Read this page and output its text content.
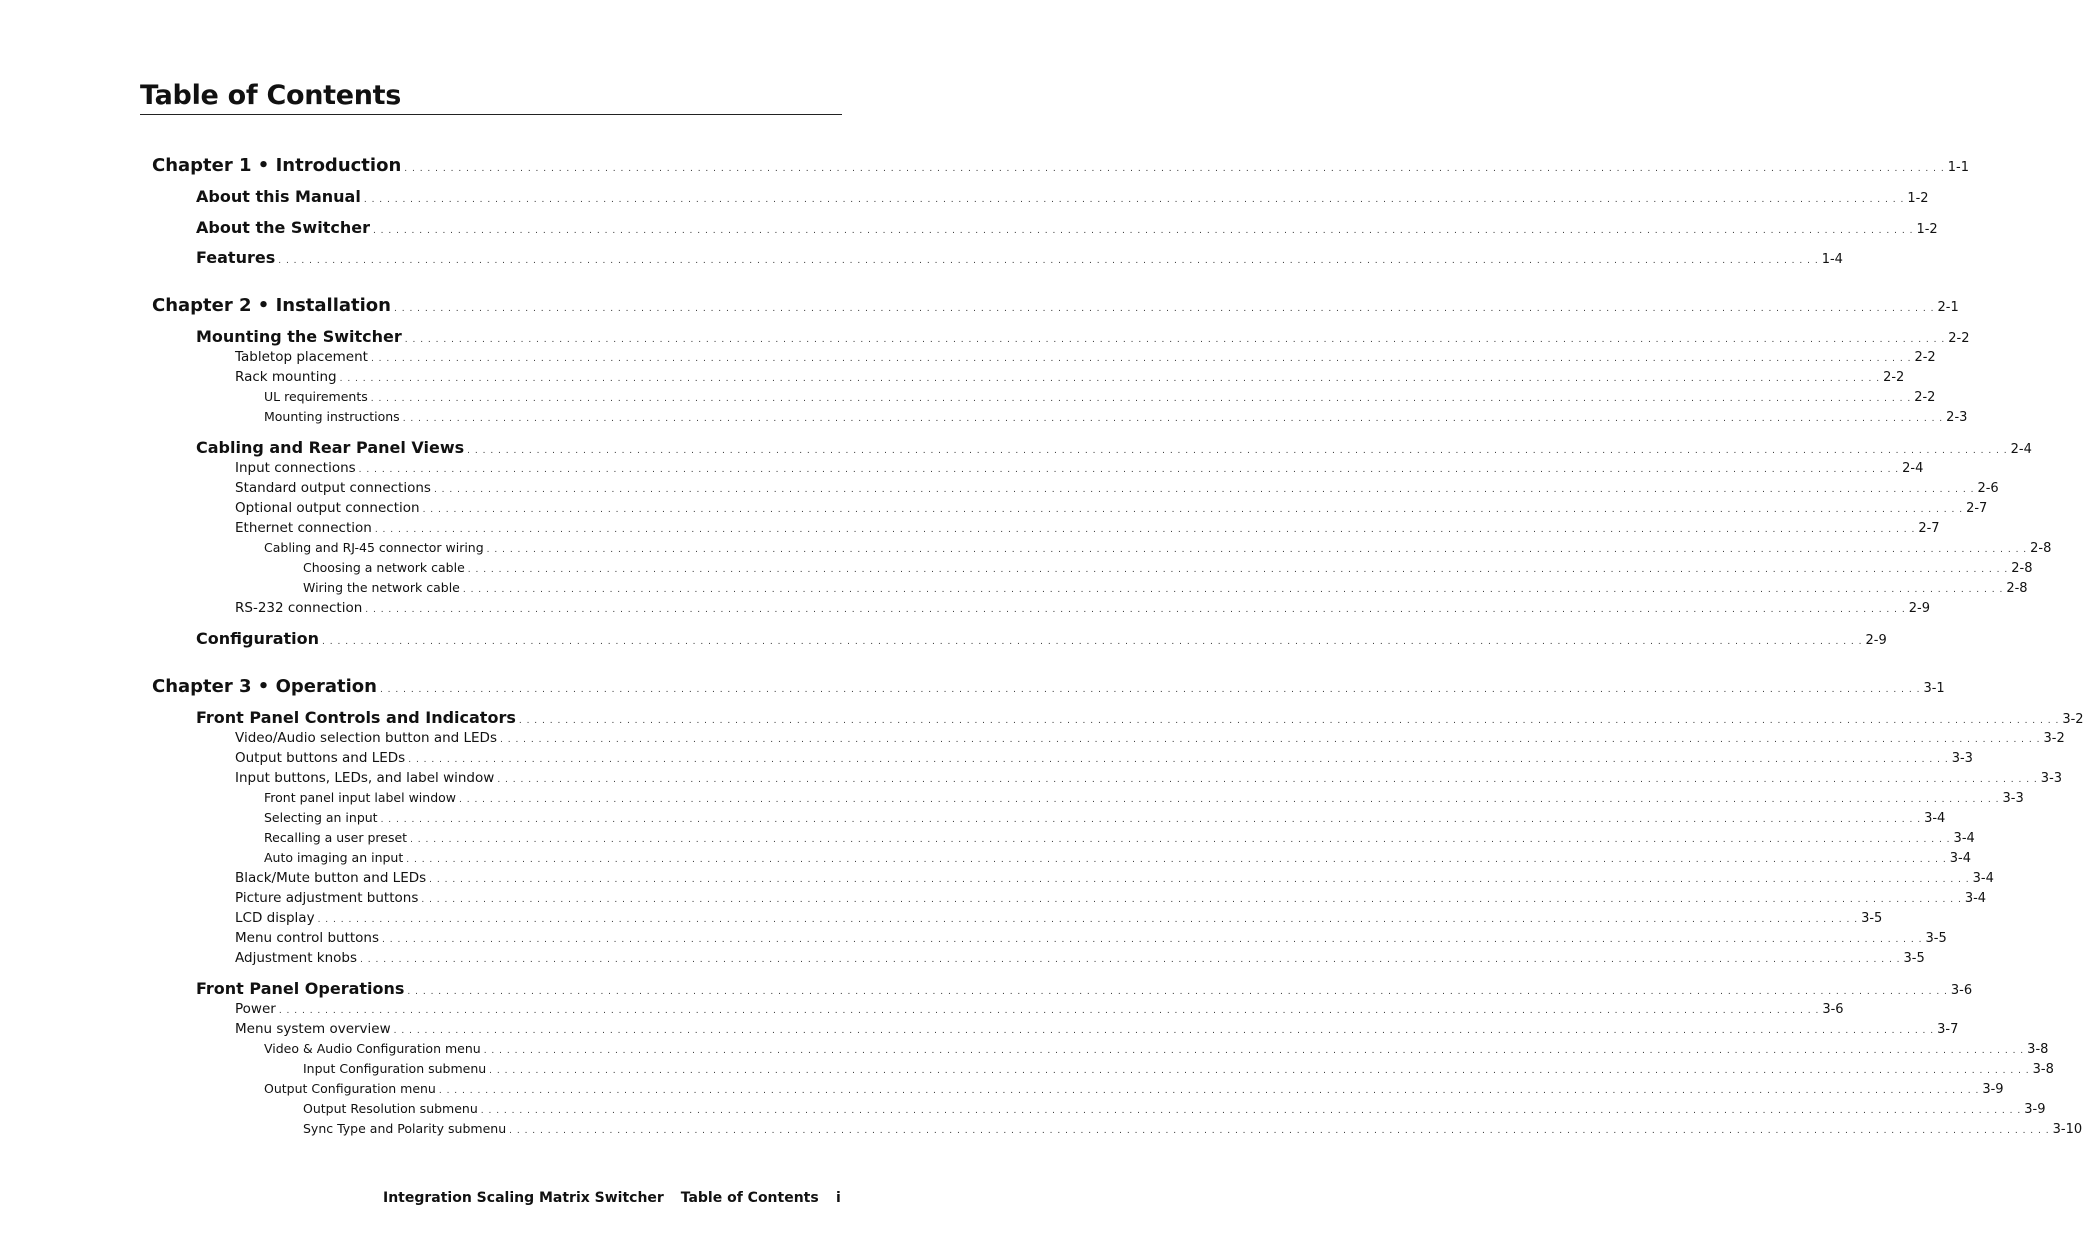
Table of Contents
Chapter 1 • Introduction . . . . . . . . . . . . . . . . . . . . . . . . . . . . . . . . . . . . . . . . . . . . . . . . . . . . . . . . . . . . . . . . . . . . . . . . . . . . . . . . . . . . . . . . . . . . . . . . . . . . . . . . . . . . . . . . . . . . . . . . . . . . . . . . . . . . . . . . . . . . . . . . . . . . . . . . . . . . . . . . . . . . . . . . . . . . . . . . . . . . . . . . . . . . . . . . . . . . . . . . 1-1
About this Manual . . . . . . . . . . . . . . . . . . . . . . . . . . . . . . . . . . . . . . . . . . . . . . . . . . . . . . . . . . . . . . . . . . . . . . . . . . . . . . . . . . . . . . . . . . . . . . . . . . . . . . . . . . . . . . . . . . . . . . . . . . . . . . . . . . . . . . . . . . . . . . . . . . . . . . . . . . . . . . . . . . . . . . . . . . . . . . . . . . . . . . . . . . . . . . . . . . . . . . . . 1-2
About the Switcher . . . . . . . . . . . . . . . . . . . . . . . . . . . . . . . . . . . . . . . . . . . . . . . . . . . . . . . . . . . . . . . . . . . . . . . . . . . . . . . . . . . . . . . . . . . . . . . . . . . . . . . . . . . . . . . . . . . . . . . . . . . . . . . . . . . . . . . . . . . . . . . . . . . . . . . . . . . . . . . . . . . . . . . . . . . . . . . . . . . . . . . . . . . . . . . . . . . . . . . . 1-2
Features . . . . . . . . . . . . . . . . . . . . . . . . . . . . . . . . . . . . . . . . . . . . . . . . . . . . . . . . . . . . . . . . . . . . . . . . . . . . . . . . . . . . . . . . . . . . . . . . . . . . . . . . . . . . . . . . . . . . . . . . . . . . . . . . . . . . . . . . . . . . . . . . . . . . . . . . . . . . . . . . . . . . . . . . . . . . . . . . . . . . . . . . . . . . . . . . . . . . . . . . 1-4
Chapter 2 • Installation . . . . . . . . . . . . . . . . . . . . . . . . . . . . . . . . . . . . . . . . . . . . . . . . . . . . . . . . . . . . . . . . . . . . . . . . . . . . . . . . . . . . . . . . . . . . . . . . . . . . . . . . . . . . . . . . . . . . . . . . . . . . . . . . . . . . . . . . . . . . . . . . . . . . . . . . . . . . . . . . . . . . . . . . . . . . . . . . . . . . . . . . . . . . . . . . . . . . . . . . 2-1
Mounting the Switcher . . . . . . . . . . . . . . . . . . . . . . . . . . . . . . . . . . . . . . . . . . . . . . . . . . . . . . . . . . . . . . . . . . . . . . . . . . . . . . . . . . . . . . . . . . . . . . . . . . . . . . . . . . . . . . . . . . . . . . . . . . . . . . . . . . . . . . . . . . . . . . . . . . . . . . . . . . . . . . . . . . . . . . . . . . . . . . . . . . . . . . . . . . . . . . . . . . . . . . . . 2-2
Tabletop placement . . . . . . . . . . . . . . . . . . . . . . . . . . . . . . . . . . . . . . . . . . . . . . . . . . . . . . . . . . . . . . . . . . . . . . . . . . . . . . . . . . . . . . . . . . . . . . . . . . . . . . . . . . . . . . . . . . . . . . . . . . . . . . . . . . . . . . . . . . . . . . . . . . . . . . . . . . . . . . . . . . . . . . . . . . . . . . . . . . . . . . . . . . . . . . . . . . . . . . . . 2-2
Rack mounting . . . . . . . . . . . . . . . . . . . . . . . . . . . . . . . . . . . . . . . . . . . . . . . . . . . . . . . . . . . . . . . . . . . . . . . . . . . . . . . . . . . . . . . . . . . . . . . . . . . . . . . . . . . . . . . . . . . . . . . . . . . . . . . . . . . . . . . . . . . . . . . . . . . . . . . . . . . . . . . . . . . . . . . . . . . . . . . . . . . . . . . . . . . . . . . . . . . . . . . . 2-2
UL requirements . . . . . . . . . . . . . . . . . . . . . . . . . . . . . . . . . . . . . . . . . . . . . . . . . . . . . . . . . . . . . . . . . . . . . . . . . . . . . . . . . . . . . . . . . . . . . . . . . . . . . . . . . . . . . . . . . . . . . . . . . . . . . . . . . . . . . . . . . . . . . . . . . . . . . . . . . . . . . . . . . . . . . . . . . . . . . . . . . . . . . . . . . . . . . . . . . . . . . . . . 2-2
Mounting instructions . . . . . . . . . . . . . . . . . . . . . . . . . . . . . . . . . . . . . . . . . . . . . . . . . . . . . . . . . . . . . . . . . . . . . . . . . . . . . . . . . . . . . . . . . . . . . . . . . . . . . . . . . . . . . . . . . . . . . . . . . . . . . . . . . . . . . . . . . . . . . . . . . . . . . . . . . . . . . . . . . . . . . . . . . . . . . . . . . . . . . . . . . . . . . . . . . . . . . . . . 2-3
Cabling and Rear Panel Views . . . . . . . . . . . . . . . . . . . . . . . . . . . . . . . . . . . . . . . . . . . . . . . . . . . . . . . . . . . . . . . . . . . . . . . . . . . . . . . . . . . . . . . . . . . . . . . . . . . . . . . . . . . . . . . . . . . . . . . . . . . . . . . . . . . . . . . . . . . . . . . . . . . . . . . . . . . . . . . . . . . . . . . . . . . . . . . . . . . . . . . . . . . . . . . . . . . . . . . . 2-4
Input connections . . . . . . . . . . . . . . . . . . . . . . . . . . . . . . . . . . . . . . . . . . . . . . . . . . . . . . . . . . . . . . . . . . . . . . . . . . . . . . . . . . . . . . . . . . . . . . . . . . . . . . . . . . . . . . . . . . . . . . . . . . . . . . . . . . . . . . . . . . . . . . . . . . . . . . . . . . . . . . . . . . . . . . . . . . . . . . . . . . . . . . . . . . . . . . . . . . . . . . . . 2-4
Standard output connections . . . . . . . . . . . . . . . . . . . . . . . . . . . . . . . . . . . . . . . . . . . . . . . . . . . . . . . . . . . . . . . . . . . . . . . . . . . . . . . . . . . . . . . . . . . . . . . . . . . . . . . . . . . . . . . . . . . . . . . . . . . . . . . . . . . . . . . . . . . . . . . . . . . . . . . . . . . . . . . . . . . . . . . . . . . . . . . . . . . . . . . . . . . . . . . . . . . . . . . . 2-6
Optional output connection . . . . . . . . . . . . . . . . . . . . . . . . . . . . . . . . . . . . . . . . . . . . . . . . . . . . . . . . . . . . . . . . . . . . . . . . . . . . . . . . . . . . . . . . . . . . . . . . . . . . . . . . . . . . . . . . . . . . . . . . . . . . . . . . . . . . . . . . . . . . . . . . . . . . . . . . . . . . . . . . . . . . . . . . . . . . . . . . . . . . . . . . . . . . . . . . . . . . . . . . 2-7
Ethernet connection . . . . . . . . . . . . . . . . . . . . . . . . . . . . . . . . . . . . . . . . . . . . . . . . . . . . . . . . . . . . . . . . . . . . . . . . . . . . . . . . . . . . . . . . . . . . . . . . . . . . . . . . . . . . . . . . . . . . . . . . . . . . . . . . . . . . . . . . . . . . . . . . . . . . . . . . . . . . . . . . . . . . . . . . . . . . . . . . . . . . . . . . . . . . . . . . . . . . . . . . 2-7
Cabling and RJ-45 connector wiring . . . . . . . . . . . . . . . . . . . . . . . . . . . . . . . . . . . . . . . . . . . . . . . . . . . . . . . . . . . . . . . . . . . . . . . . . . . . . . . . . . . . . . . . . . . . . . . . . . . . . . . . . . . . . . . . . . . . . . . . . . . . . . . . . . . . . . . . . . . . . . . . . . . . . . . . . . . . . . . . . . . . . . . . . . . . . . . . . . . . . . . . . . . . . . . . . . . . . . . . 2-8
Choosing a network cable . . . . . . . . . . . . . . . . . . . . . . . . . . . . . . . . . . . . . . . . . . . . . . . . . . . . . . . . . . . . . . . . . . . . . . . . . . . . . . . . . . . . . . . . . . . . . . . . . . . . . . . . . . . . . . . . . . . . . . . . . . . . . . . . . . . . . . . . . . . . . . . . . . . . . . . . . . . . . . . . . . . . . . . . . . . . . . . . . . . . . . . . . . . . . . . . . . . . . . . . 2-8
Wiring the network cable . . . . . . . . . . . . . . . . . . . . . . . . . . . . . . . . . . . . . . . . . . . . . . . . . . . . . . . . . . . . . . . . . . . . . . . . . . . . . . . . . . . . . . . . . . . . . . . . . . . . . . . . . . . . . . . . . . . . . . . . . . . . . . . . . . . . . . . . . . . . . . . . . . . . . . . . . . . . . . . . . . . . . . . . . . . . . . . . . . . . . . . . . . . . . . . . . . . . . . . . 2-8
RS-232 connection . . . . . . . . . . . . . . . . . . . . . . . . . . . . . . . . . . . . . . . . . . . . . . . . . . . . . . . . . . . . . . . . . . . . . . . . . . . . . . . . . . . . . . . . . . . . . . . . . . . . . . . . . . . . . . . . . . . . . . . . . . . . . . . . . . . . . . . . . . . . . . . . . . . . . . . . . . . . . . . . . . . . . . . . . . . . . . . . . . . . . . . . . . . . . . . . . . . . . . . . 2-9
Configuration . . . . . . . . . . . . . . . . . . . . . . . . . . . . . . . . . . . . . . . . . . . . . . . . . . . . . . . . . . . . . . . . . . . . . . . . . . . . . . . . . . . . . . . . . . . . . . . . . . . . . . . . . . . . . . . . . . . . . . . . . . . . . . . . . . . . . . . . . . . . . . . . . . . . . . . . . . . . . . . . . . . . . . . . . . . . . . . . . . . . . . . . . . . . . . . . . . . . . . . . 2-9
Chapter 3 • Operation . . . . . . . . . . . . . . . . . . . . . . . . . . . . . . . . . . . . . . . . . . . . . . . . . . . . . . . . . . . . . . . . . . . . . . . . . . . . . . . . . . . . . . . . . . . . . . . . . . . . . . . . . . . . . . . . . . . . . . . . . . . . . . . . . . . . . . . . . . . . . . . . . . . . . . . . . . . . . . . . . . . . . . . . . . . . . . . . . . . . . . . . . . . . . . . . . . . . . . . . 3-1
Front Panel Controls and Indicators . . . . . . . . . . . . . . . . . . . . . . . . . . . . . . . . . . . . . . . . . . . . . . . . . . . . . . . . . . . . . . . . . . . . . . . . . . . . . . . . . . . . . . . . . . . . . . . . . . . . . . . . . . . . . . . . . . . . . . . . . . . . . . . . . . . . . . . . . . . . . . . . . . . . . . . . . . . . . . . . . . . . . . . . . . . . . . . . . . . . . . . . . . . . . . . . . . . . . . . . 3-2
Video/Audio selection button and LEDs . . . . . . . . . . . . . . . . . . . . . . . . . . . . . . . . . . . . . . . . . . . . . . . . . . . . . . . . . . . . . . . . . . . . . . . . . . . . . . . . . . . . . . . . . . . . . . . . . . . . . . . . . . . . . . . . . . . . . . . . . . . . . . . . . . . . . . . . . . . . . . . . . . . . . . . . . . . . . . . . . . . . . . . . . . . . . . . . . . . . . . . . . . . . . . . . . . . . . . . . 3-2
Output buttons and LEDs . . . . . . . . . . . . . . . . . . . . . . . . . . . . . . . . . . . . . . . . . . . . . . . . . . . . . . . . . . . . . . . . . . . . . . . . . . . . . . . . . . . . . . . . . . . . . . . . . . . . . . . . . . . . . . . . . . . . . . . . . . . . . . . . . . . . . . . . . . . . . . . . . . . . . . . . . . . . . . . . . . . . . . . . . . . . . . . . . . . . . . . . . . . . . . . . . . . . . . . . 3-3
Input buttons, LEDs, and label window . . . . . . . . . . . . . . . . . . . . . . . . . . . . . . . . . . . . . . . . . . . . . . . . . . . . . . . . . . . . . . . . . . . . . . . . . . . . . . . . . . . . . . . . . . . . . . . . . . . . . . . . . . . . . . . . . . . . . . . . . . . . . . . . . . . . . . . . . . . . . . . . . . . . . . . . . . . . . . . . . . . . . . . . . . . . . . . . . . . . . . . . . . . . . . . . . . . . . . . . 3-3
Front panel input label window . . . . . . . . . . . . . . . . . . . . . . . . . . . . . . . . . . . . . . . . . . . . . . . . . . . . . . . . . . . . . . . . . . . . . . . . . . . . . . . . . . . . . . . . . . . . . . . . . . . . . . . . . . . . . . . . . . . . . . . . . . . . . . . . . . . . . . . . . . . . . . . . . . . . . . . . . . . . . . . . . . . . . . . . . . . . . . . . . . . . . . . . . . . . . . . . . . . . . . . . 3-3
Selecting an input . . . . . . . . . . . . . . . . . . . . . . . . . . . . . . . . . . . . . . . . . . . . . . . . . . . . . . . . . . . . . . . . . . . . . . . . . . . . . . . . . . . . . . . . . . . . . . . . . . . . . . . . . . . . . . . . . . . . . . . . . . . . . . . . . . . . . . . . . . . . . . . . . . . . . . . . . . . . . . . . . . . . . . . . . . . . . . . . . . . . . . . . . . . . . . . . . . . . . . . . 3-4
Recalling a user preset . . . . . . . . . . . . . . . . . . . . . . . . . . . . . . . . . . . . . . . . . . . . . . . . . . . . . . . . . . . . . . . . . . . . . . . . . . . . . . . . . . . . . . . . . . . . . . . . . . . . . . . . . . . . . . . . . . . . . . . . . . . . . . . . . . . . . . . . . . . . . . . . . . . . . . . . . . . . . . . . . . . . . . . . . . . . . . . . . . . . . . . . . . . . . . . . . . . . . . . . 3-4
Auto imaging an input . . . . . . . . . . . . . . . . . . . . . . . . . . . . . . . . . . . . . . . . . . . . . . . . . . . . . . . . . . . . . . . . . . . . . . . . . . . . . . . . . . . . . . . . . . . . . . . . . . . . . . . . . . . . . . . . . . . . . . . . . . . . . . . . . . . . . . . . . . . . . . . . . . . . . . . . . . . . . . . . . . . . . . . . . . . . . . . . . . . . . . . . . . . . . . . . . . . . . . . . 3-4
Black/Mute button and LEDs . . . . . . . . . . . . . . . . . . . . . . . . . . . . . . . . . . . . . . . . . . . . . . . . . . . . . . . . . . . . . . . . . . . . . . . . . . . . . . . . . . . . . . . . . . . . . . . . . . . . . . . . . . . . . . . . . . . . . . . . . . . . . . . . . . . . . . . . . . . . . . . . . . . . . . . . . . . . . . . . . . . . . . . . . . . . . . . . . . . . . . . . . . . . . . . . . . . . . . . . 3-4
Picture adjustment buttons . . . . . . . . . . . . . . . . . . . . . . . . . . . . . . . . . . . . . . . . . . . . . . . . . . . . . . . . . . . . . . . . . . . . . . . . . . . . . . . . . . . . . . . . . . . . . . . . . . . . . . . . . . . . . . . . . . . . . . . . . . . . . . . . . . . . . . . . . . . . . . . . . . . . . . . . . . . . . . . . . . . . . . . . . . . . . . . . . . . . . . . . . . . . . . . . . . . . . . . . 3-4
LCD display . . . . . . . . . . . . . . . . . . . . . . . . . . . . . . . . . . . . . . . . . . . . . . . . . . . . . . . . . . . . . . . . . . . . . . . . . . . . . . . . . . . . . . . . . . . . . . . . . . . . . . . . . . . . . . . . . . . . . . . . . . . . . . . . . . . . . . . . . . . . . . . . . . . . . . . . . . . . . . . . . . . . . . . . . . . . . . . . . . . . . . . . . . . . . . . . . . . . . . . . 3-5
Menu control buttons . . . . . . . . . . . . . . . . . . . . . . . . . . . . . . . . . . . . . . . . . . . . . . . . . . . . . . . . . . . . . . . . . . . . . . . . . . . . . . . . . . . . . . . . . . . . . . . . . . . . . . . . . . . . . . . . . . . . . . . . . . . . . . . . . . . . . . . . . . . . . . . . . . . . . . . . . . . . . . . . . . . . . . . . . . . . . . . . . . . . . . . . . . . . . . . . . . . . . . . . 3-5
Adjustment knobs . . . . . . . . . . . . . . . . . . . . . . . . . . . . . . . . . . . . . . . . . . . . . . . . . . . . . . . . . . . . . . . . . . . . . . . . . . . . . . . . . . . . . . . . . . . . . . . . . . . . . . . . . . . . . . . . . . . . . . . . . . . . . . . . . . . . . . . . . . . . . . . . . . . . . . . . . . . . . . . . . . . . . . . . . . . . . . . . . . . . . . . . . . . . . . . . . . . . . . . . 3-5
Front Panel Operations . . . . . . . . . . . . . . . . . . . . . . . . . . . . . . . . . . . . . . . . . . . . . . . . . . . . . . . . . . . . . . . . . . . . . . . . . . . . . . . . . . . . . . . . . . . . . . . . . . . . . . . . . . . . . . . . . . . . . . . . . . . . . . . . . . . . . . . . . . . . . . . . . . . . . . . . . . . . . . . . . . . . . . . . . . . . . . . . . . . . . . . . . . . . . . . . . . . . . . . . 3-6
Power . . . . . . . . . . . . . . . . . . . . . . . . . . . . . . . . . . . . . . . . . . . . . . . . . . . . . . . . . . . . . . . . . . . . . . . . . . . . . . . . . . . . . . . . . . . . . . . . . . . . . . . . . . . . . . . . . . . . . . . . . . . . . . . . . . . . . . . . . . . . . . . . . . . . . . . . . . . . . . . . . . . . . . . . . . . . . . . . . . . . . . . . . . . . . . . . . . . . . . . . 3-6
Menu system overview . . . . . . . . . . . . . . . . . . . . . . . . . . . . . . . . . . . . . . . . . . . . . . . . . . . . . . . . . . . . . . . . . . . . . . . . . . . . . . . . . . . . . . . . . . . . . . . . . . . . . . . . . . . . . . . . . . . . . . . . . . . . . . . . . . . . . . . . . . . . . . . . . . . . . . . . . . . . . . . . . . . . . . . . . . . . . . . . . . . . . . . . . . . . . . . . . . . . . . . . 3-7
Video & Audio Configuration menu . . . . . . . . . . . . . . . . . . . . . . . . . . . . . . . . . . . . . . . . . . . . . . . . . . . . . . . . . . . . . . . . . . . . . . . . . . . . . . . . . . . . . . . . . . . . . . . . . . . . . . . . . . . . . . . . . . . . . . . . . . . . . . . . . . . . . . . . . . . . . . . . . . . . . . . . . . . . . . . . . . . . . . . . . . . . . . . . . . . . . . . . . . . . . . . . . . . . . . . . 3-8
Input Configuration submenu . . . . . . . . . . . . . . . . . . . . . . . . . . . . . . . . . . . . . . . . . . . . . . . . . . . . . . . . . . . . . . . . . . . . . . . . . . . . . . . . . . . . . . . . . . . . . . . . . . . . . . . . . . . . . . . . . . . . . . . . . . . . . . . . . . . . . . . . . . . . . . . . . . . . . . . . . . . . . . . . . . . . . . . . . . . . . . . . . . . . . . . . . . . . . . . . . . . . . . . . 3-8
Output Configuration menu . . . . . . . . . . . . . . . . . . . . . . . . . . . . . . . . . . . . . . . . . . . . . . . . . . . . . . . . . . . . . . . . . . . . . . . . . . . . . . . . . . . . . . . . . . . . . . . . . . . . . . . . . . . . . . . . . . . . . . . . . . . . . . . . . . . . . . . . . . . . . . . . . . . . . . . . . . . . . . . . . . . . . . . . . . . . . . . . . . . . . . . . . . . . . . . . . . . . . . . . 3-9
Output Resolution submenu . . . . . . . . . . . . . . . . . . . . . . . . . . . . . . . . . . . . . . . . . . . . . . . . . . . . . . . . . . . . . . . . . . . . . . . . . . . . . . . . . . . . . . . . . . . . . . . . . . . . . . . . . . . . . . . . . . . . . . . . . . . . . . . . . . . . . . . . . . . . . . . . . . . . . . . . . . . . . . . . . . . . . . . . . . . . . . . . . . . . . . . . . . . . . . . . . . . . . . . . 3-9
Sync Type and Polarity submenu . . . . . . . . . . . . . . . . . . . . . . . . . . . . . . . . . . . . . . . . . . . . . . . . . . . . . . . . . . . . . . . . . . . . . . . . . . . . . . . . . . . . . . . . . . . . . . . . . . . . . . . . . . . . . . . . . . . . . . . . . . . . . . . . . . . . . . . . . . . . . . . . . . . . . . . . . . . . . . . . . . . . . . . . . . . . . . . . . . . . . . . . . . . . . . . . . . . . . . . . 3-10
Integration Scaling Matrix Switcher Table of Contents	i
